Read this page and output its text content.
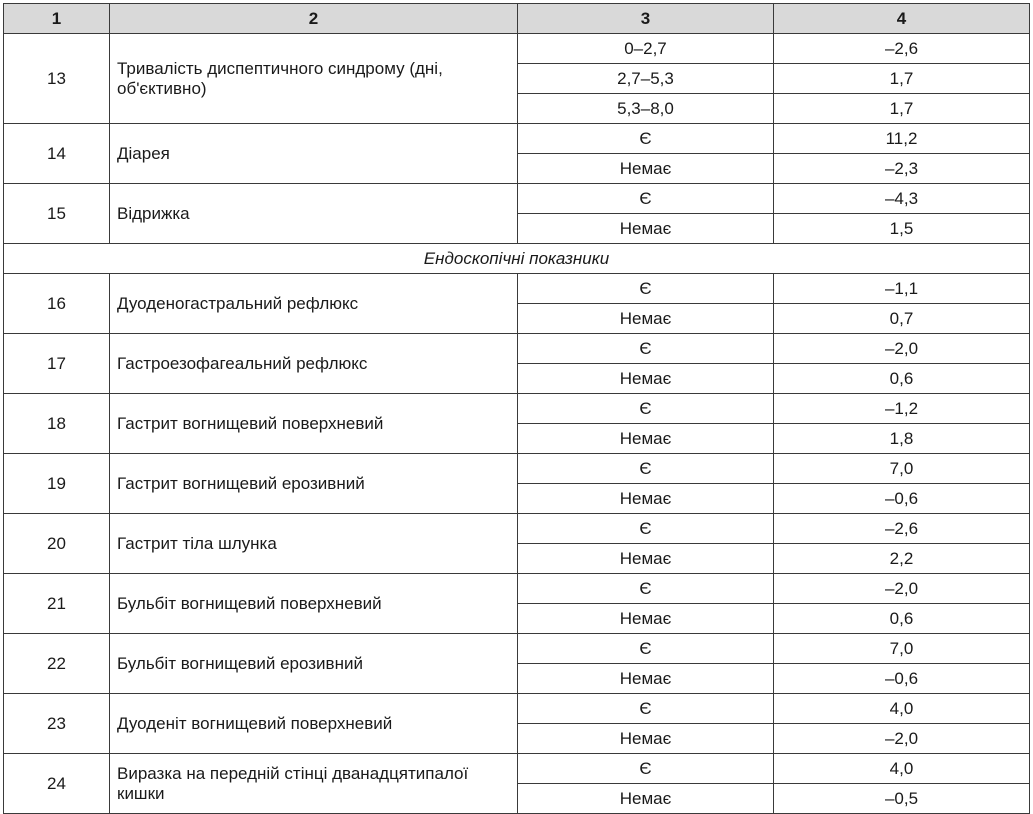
1	2	3	4
13	Тривалість диспептичного синдрому (дні, об'єктивно)	0–2,7	–2,6
		2,7–5,3	1,7
		5,3–8,0	1,7
14	Діарея	Є	11,2
		Немає	–2,3
15	Відрижка	Є	–4,3
		Немає	1,5
Ендоскопічні показники			
16	Дуоденогастральний рефлюкс	Є	–1,1
		Немає	0,7
17	Гастроезофагеальний рефлюкс	Є	–2,0
		Немає	0,6
18	Гастрит вогнищевий поверхневий	Є	–1,2
		Немає	1,8
19	Гастрит вогнищевий ерозивний	Є	7,0
		Немає	–0,6
20	Гастрит тіла шлунка	Є	–2,6
		Немає	2,2
21	Бульбіт вогнищевий поверхневий	Є	–2,0
		Немає	0,6
22	Бульбіт вогнищевий ерозивний	Є	7,0
		Немає	–0,6
23	Дуоденіт вогнищевий поверхневий	Є	4,0
		Немає	–2,0
24	Виразка на передній стінці дванадцятипалої кишки	Є	4,0
		Немає	–0,5
